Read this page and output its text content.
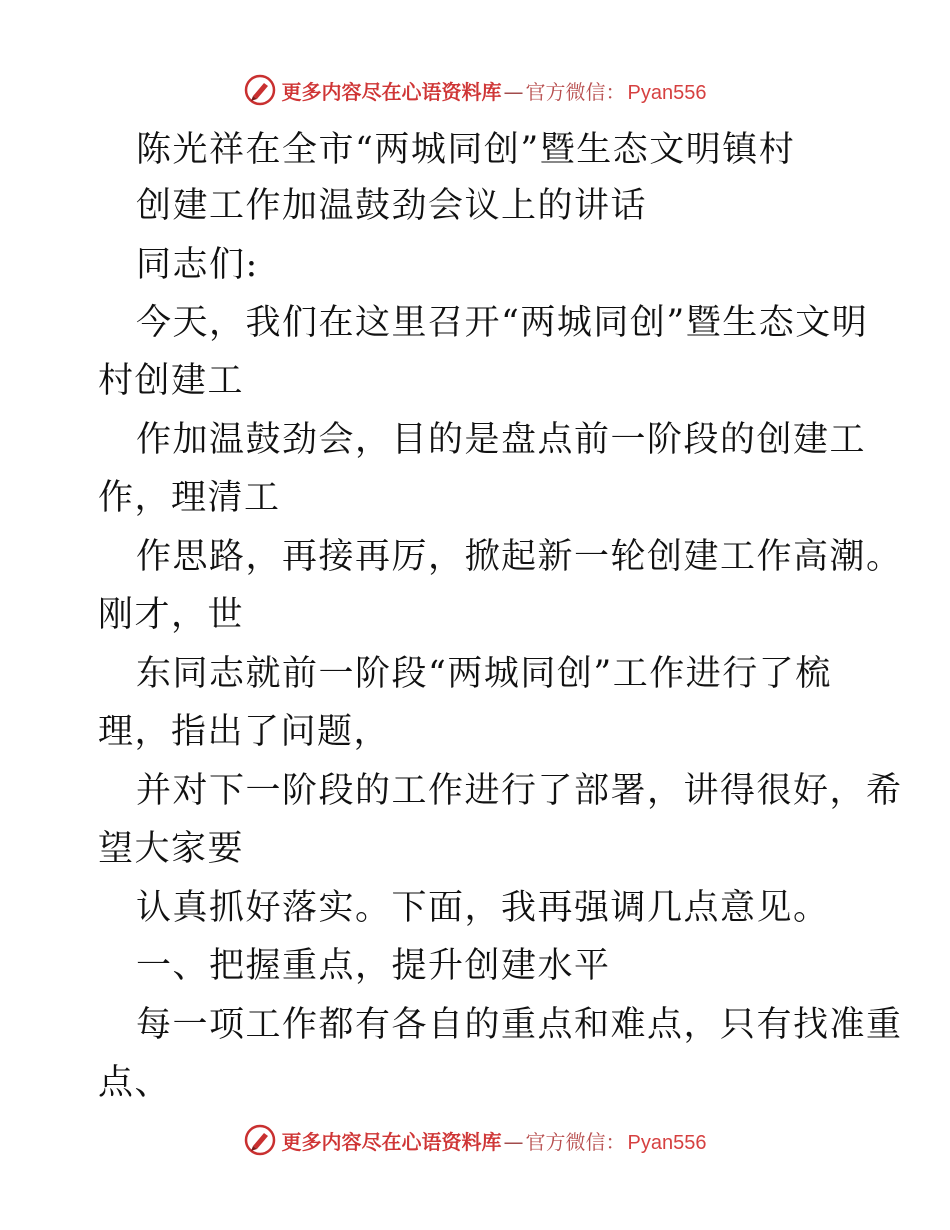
更多内容尽在心语资料库 — 官方微信： Pyan556
陈光祥在全市“两城同创”暨生态文明镇村
创建工作加温鼓劲会议上的讲话
同志们:
今天，我们在这里召开“两城同创”暨生态文明
村创建工
作加温鼓劲会，目的是盘点前一阶段的创建工
作，理清工
作思路，再接再厉，掀起新一轮创建工作高潮。
刚才，世
东同志就前一阶段“两城同创”工作进行了梳
理，指出了问题，
并对下一阶段的工作进行了部署，讲得很好，希
望大家要
认真抓好落实。下面，我再强调几点意见。
一、把握重点，提升创建水平
每一项工作都有各自的重点和难点，只有找准重
点、
更多内容尽在心语资料库 — 官方微信： Pyan556
